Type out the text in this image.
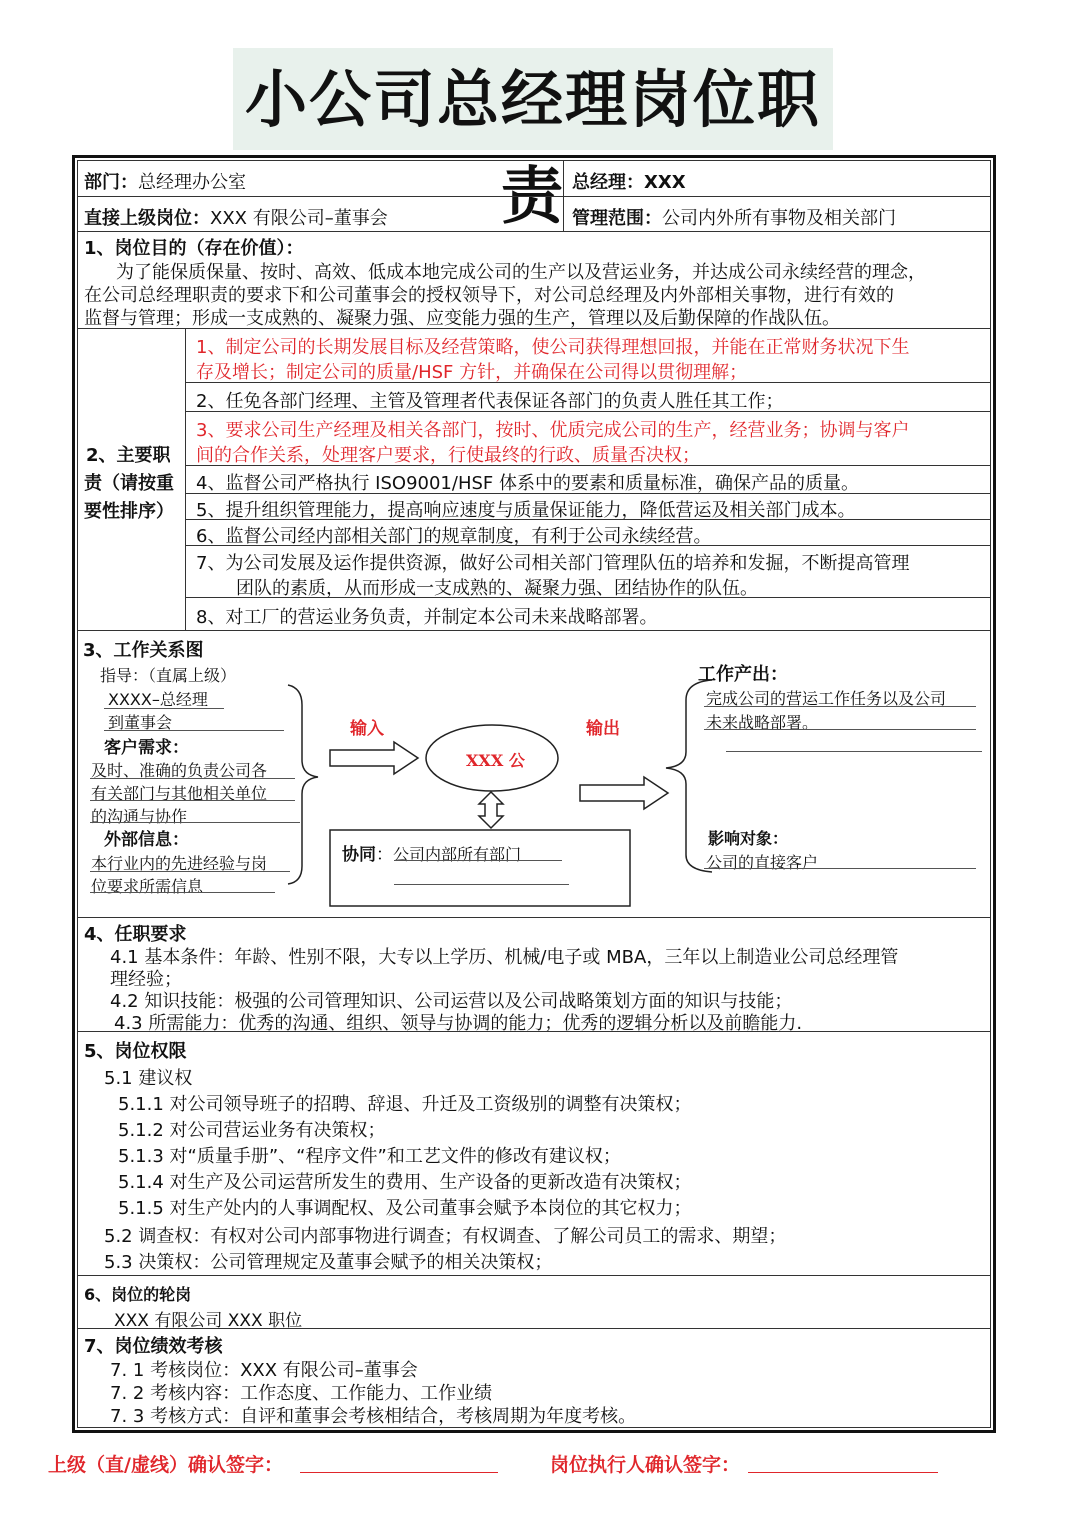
小公司总经理岗位职责
部门：总经理办公室	总经理：XXX
直接上级岗位：XXX 有限公司–董事会	管理范围：公司内外所有事物及相关部门
1、岗位目的（存在价值）：
为了能保质保量、按时、高效、低成本地完成公司的生产以及营运业务，并达成公司永续经营的理念，
在公司总经理职责的要求下和公司董事会的授权领导下，对公司总经理及内外部相关事物，进行有效的
监督与管理；形成一支成熟的、凝聚力强、应变能力强的生产，管理以及后勤保障的作战队伍。
2、主要职
责（请按重
要性排序）
1、制定公司的长期发展目标及经营策略，使公司获得理想回报，并能在正常财务状况下生
存及增长；制定公司的质量/HSF 方针，并确保在公司得以贯彻理解；
2、任免各部门经理、主管及管理者代表保证各部门的负责人胜任其工作；
3、要求公司生产经理及相关各部门，按时、优质完成公司的生产，经营业务；协调与客户
间的合作关系，处理客户要求，行使最终的行政、质量否决权；
4、监督公司严格执行 ISO9001/HSF 体系中的要素和质量标准，确保产品的质量。
5、提升组织管理能力，提高响应速度与质量保证能力，降低营运及相关部门成本。
6、监督公司经内部相关部门的规章制度，有利于公司永续经营。
7、为公司发展及运作提供资源，做好公司相关部门管理队伍的培养和发掘，不断提高管理
团队的素质，从而形成一支成熟的、凝聚力强、团结协作的队伍。
8、对工厂的营运业务负责，并制定本公司未来战略部署。
3、工作关系图
指导：（直属上级）
XXXX–总经理
到董事会
客户需求：
及时、准确的负责公司各
有关部门与其他相关单位
的沟通与协作
外部信息：
本行业内的先进经验与岗
位要求所需信息
输入	输出
XXX 公
协同：公司内部所有部门
工作产出：
完成公司的营运工作任务以及公司
未来战略部署。
影响对象：
公司的直接客户
4、任职要求
4.1 基本条件：年龄、性别不限，大专以上学历、机械/电子或 MBA，三年以上制造业公司总经理管
理经验；
4.2 知识技能：极强的公司管理知识、公司运营以及公司战略策划方面的知识与技能；
4.3 所需能力：优秀的沟通、组织、领导与协调的能力；优秀的逻辑分析以及前瞻能力.
5、岗位权限
5.1 建议权
5.1.1 对公司领导班子的招聘、辞退、升迁及工资级别的调整有决策权；
5.1.2 对公司营运业务有决策权；
5.1.3 对“质量手册”、“程序文件”和工艺文件的修改有建议权；
5.1.4 对生产及公司运营所发生的费用、生产设备的更新改造有决策权；
5.1.5 对生产处内的人事调配权、及公司董事会赋予本岗位的其它权力；
5.2 调查权：有权对公司内部事物进行调查；有权调查、了解公司员工的需求、期望；
5.3 决策权：公司管理规定及董事会赋予的相关决策权；
6、岗位的轮岗
XXX 有限公司 XXX 职位
7、岗位绩效考核
7. 1 考核岗位：XXX 有限公司–董事会
7. 2 考核内容：工作态度、工作能力、工作业绩
7. 3 考核方式：自评和董事会考核相结合，考核周期为年度考核。
上级（直/虚线）确认签字：	岗位执行人确认签字：
